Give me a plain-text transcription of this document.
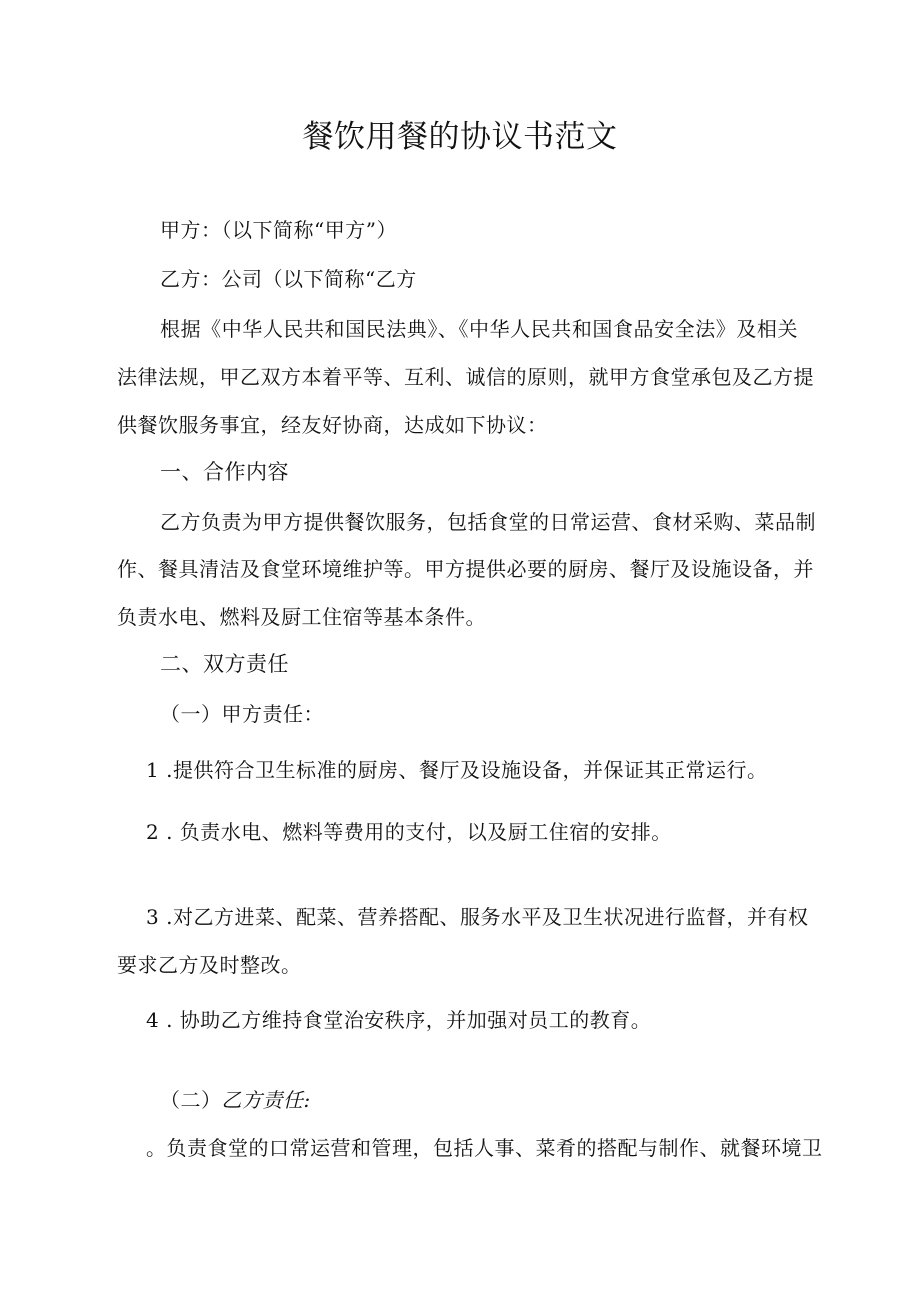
餐饮用餐的协议书范文
甲方：（以下简称“甲方”）
乙方：公司（以下简称“乙方
根据《中华人民共和国民法典》、《中华人民共和国食品安全法》及相关
法律法规，甲乙双方本着平等、互利、诚信的原则，就甲方食堂承包及乙方提
供餐饮服务事宜，经友好协商，达成如下协议：
一、合作内容
乙方负责为甲方提供餐饮服务，包括食堂的日常运营、食材采购、菜品制
作、餐具清洁及食堂环境维护等。甲方提供必要的厨房、餐厅及设施设备，并
负责水电、燃料及厨工住宿等基本条件。
二、双方责任
（一）甲方责任：
1 .提供符合卫生标准的厨房、餐厅及设施设备，并保证其正常运行。
2 . 负责水电、燃料等费用的支付，以及厨工住宿的安排。
3 .对乙方进菜、配菜、营养搭配、服务水平及卫生状况进行监督，并有权
要求乙方及时整改。
4 . 协助乙方维持食堂治安秩序，并加强对员工的教育。
（二）乙方责任:
。负责食堂的口常运营和管理，包括人事、菜肴的搭配与制作、就餐环境卫
